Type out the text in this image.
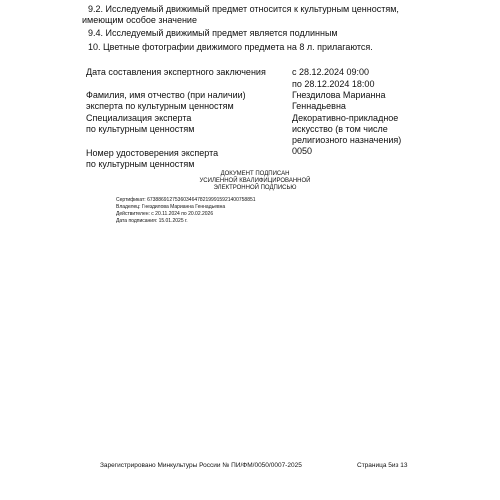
9.2. Исследуемый движимый предмет относится к культурным ценностям,
имеющим особое значение
9.4. Исследуемый движимый предмет является подлинным
10. Цветные фотографии движимого предмета на 8 л. прилагаются.
Дата составления экспертного заключения	с 28.12.2024 09:00
по 28.12.2024 18:00
Фамилия, имя отчество (при наличии)
эксперта по культурным ценностям
Гнездилова Марианна
Геннадьевна
Специализация эксперта
по культурным ценностям
Декоративно-прикладное
искусство (в том числе
религиозного назначения)
0050
Номер удостоверения эксперта
по культурным ценностям
ДОКУМЕНТ ПОДПИСАН
УСИЛЕННОЙ КВАЛИФИЦИРОВАННОЙ
ЭЛЕКТРОННОЙ ПОДПИСЬЮ
Сертификат: 6738869127536034647821999159214007588​51
Владелец: Гнездилова Марианна Геннадьевна
Действителен: с 20.11.2024 по 20.02.2026
Дата подписания: 15.01.2025 г.
Зарегистрировано Минкультуры России № ПИ/ФМ/0050/0007-2025	Страница 5из 13
